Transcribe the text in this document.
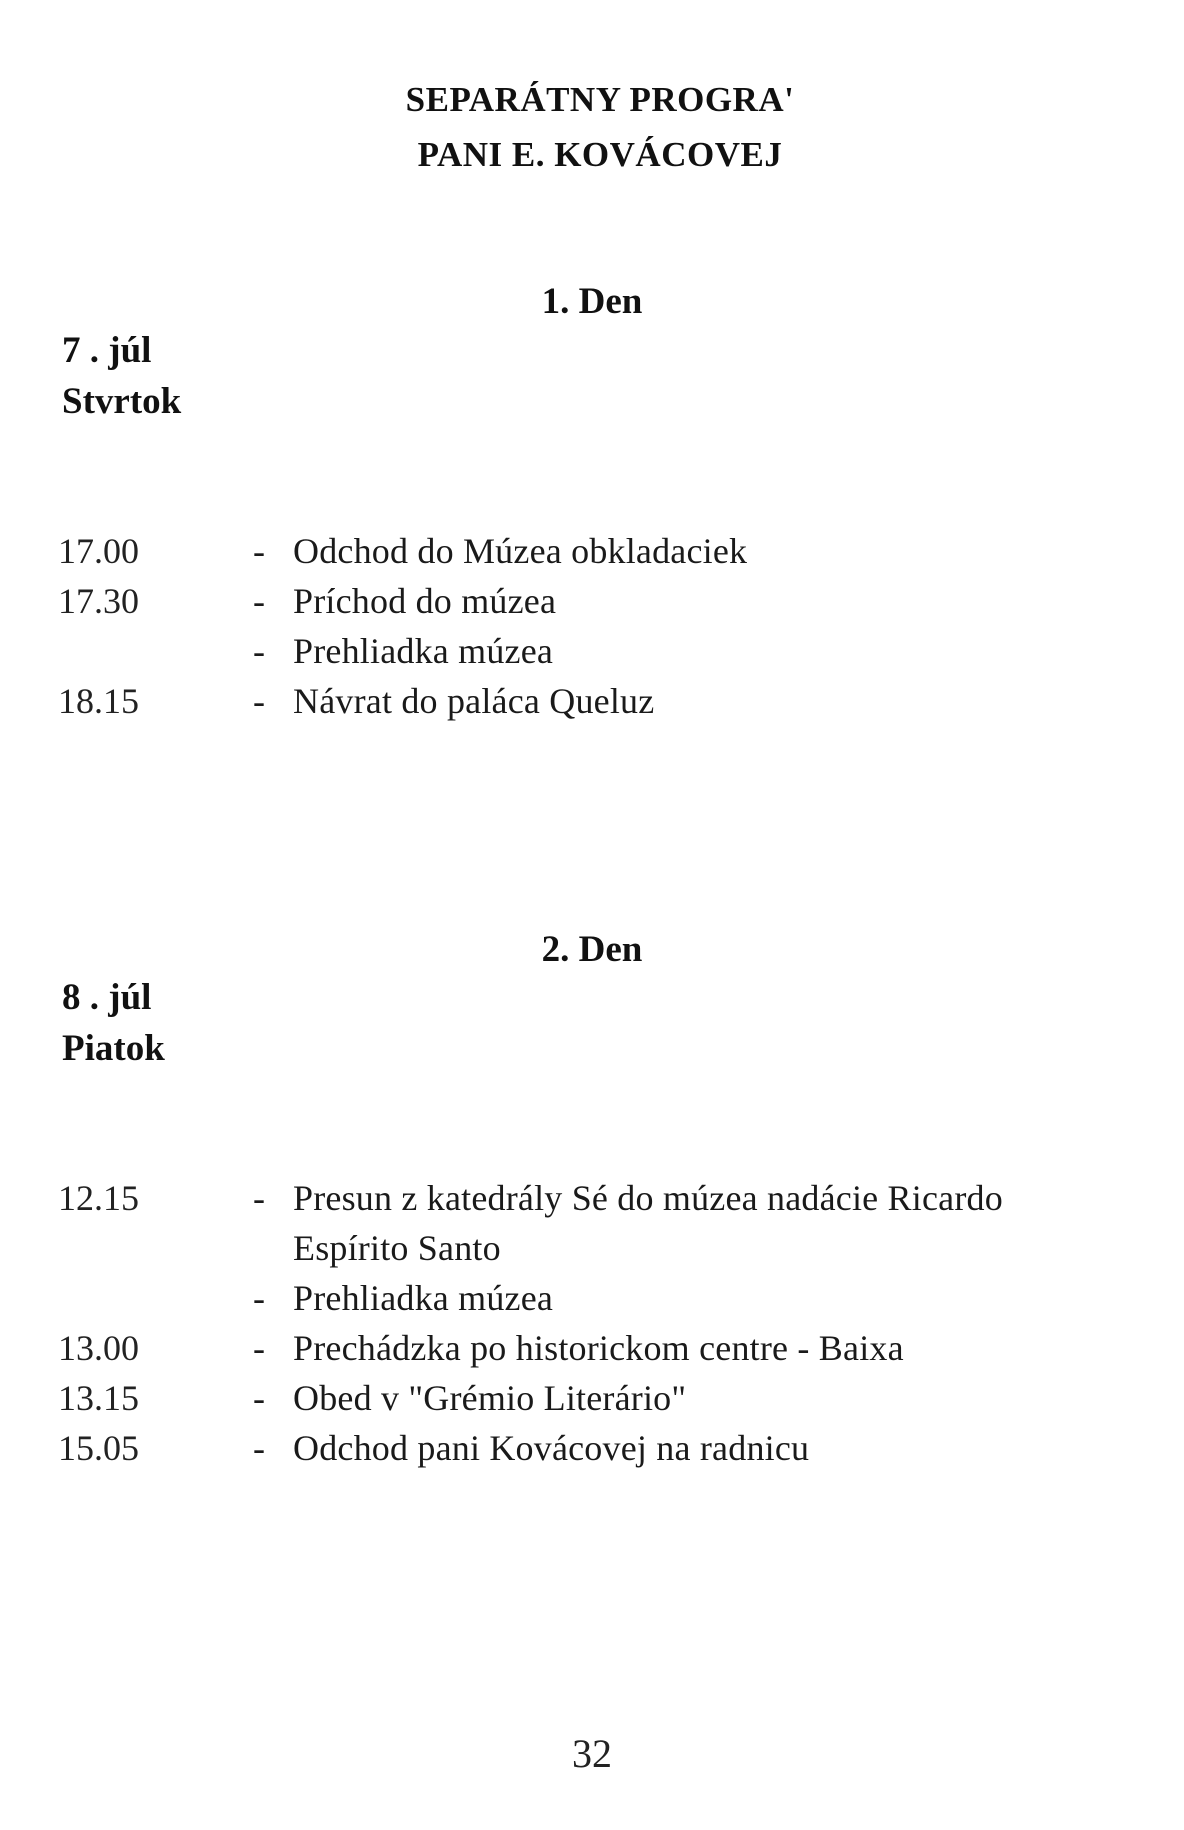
SEPARÁTNY PROGRA'
PANI E. KOVÁCOVEJ
1. Den
7 . júl
Stvrtok
17.00	- Odchod do Múzea obkladaciek
17.30	- Príchod do múzea
- Prehliadka múzea
18.15	- Návrat do paláca Queluz
2. Den
8 . júl
Piatok
12.15	- Presun z katedrály Sé do múzea nadácie Ricardo
Espírito Santo
- Prehliadka múzea
13.00	- Prechádzka po historickom centre - Baixa
13.15	- Obed v "Grémio Literário"
15.05	- Odchod pani Kovácovej na radnicu
32
